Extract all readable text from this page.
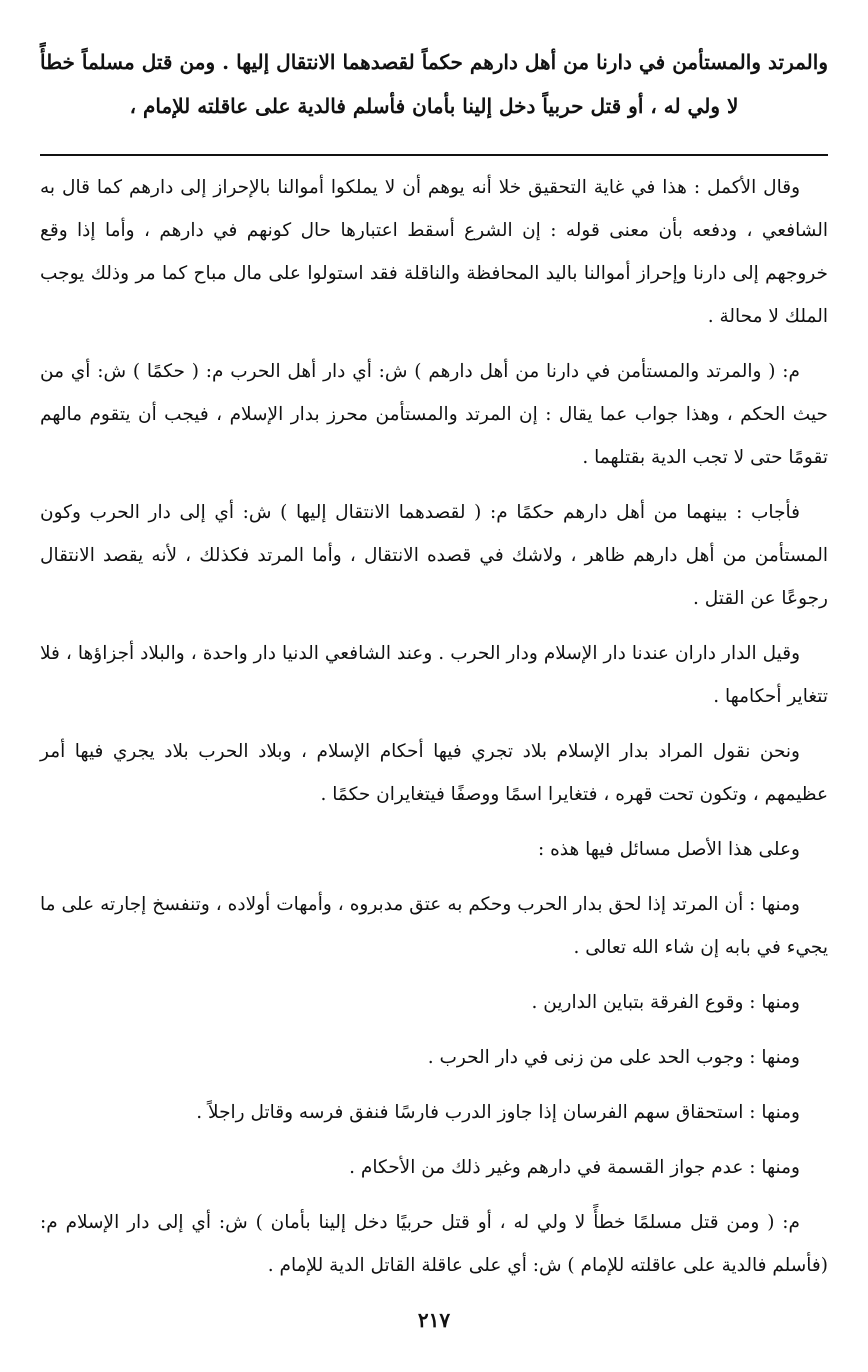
والمرتد والمستأمن في دارنا من أهل دارهم حكماً لقصدهما الانتقال إليها . ومن قتل مسلماً خطأً لا ولي له ، أو قتل حربياً دخل إلينا بأمان فأسلم فالدية على عاقلته للإمام ،

وقال الأكمل : هذا في غاية التحقيق خلا أنه يوهم أن لا يملكوا أموالنا بالإحراز إلى دارهم كما قال به الشافعي ، ودفعه بأن معنى قوله : إن الشرع أسقط اعتبارها حال كونهم في دارهم ، وأما إذا وقع خروجهم إلى دارنا وإحراز أموالنا باليد المحافظة والناقلة فقد استولوا على مال مباح كما مر وذلك يوجب الملك لا محالة .

م: ( والمرتد والمستأمن في دارنا من أهل دارهم ) ش: أي دار أهل الحرب م: ( حكمًا ) ش: أي من حيث الحكم ، وهذا جواب عما يقال : إن المرتد والمستأمن محرز بدار الإسلام ، فيجب أن يتقوم مالهم تقومًا حتى لا تجب الدية بقتلهما .

فأجاب : بينهما من أهل دارهم حكمًا م: ( لقصدهما الانتقال إليها ) ش: أي إلى دار الحرب وكون المستأمن من أهل دارهم ظاهر ، ولاشك في قصده الانتقال ، وأما المرتد فكذلك ، لأنه يقصد الانتقال رجوعًا عن القتل .

وقيل الدار داران عندنا دار الإسلام ودار الحرب . وعند الشافعي الدنيا دار واحدة ، والبلاد أجزاؤها ، فلا تتغاير أحكامها .

ونحن نقول المراد بدار الإسلام بلاد تجري فيها أحكام الإسلام ، وبلاد الحرب بلاد يجري فيها أمر عظيمهم ، وتكون تحت قهره ، فتغايرا اسمًا ووصفًا فيتغايران حكمًا .

وعلى هذا الأصل مسائل فيها هذه :

ومنها : أن المرتد إذا لحق بدار الحرب وحكم به عتق مدبروه ، وأمهات أولاده ، وتنفسخ إجارته على ما يجيء في بابه إن شاء الله تعالى .

ومنها : وقوع الفرقة بتباين الدارين .

ومنها : وجوب الحد على من زنى في دار الحرب .

ومنها : استحقاق سهم الفرسان إذا جاوز الدرب فارسًا فنفق فرسه وقاتل راجلاً .

ومنها : عدم جواز القسمة في دارهم وغير ذلك من الأحكام .

م: ( ومن قتل مسلمًا خطأً لا ولي له ، أو قتل حربيًا دخل إلينا بأمان ) ش: أي إلى دار الإسلام م: (فأسلم فالدية على عاقلته للإمام ) ش: أي على عاقلة القاتل الدية للإمام .

٢١٧
